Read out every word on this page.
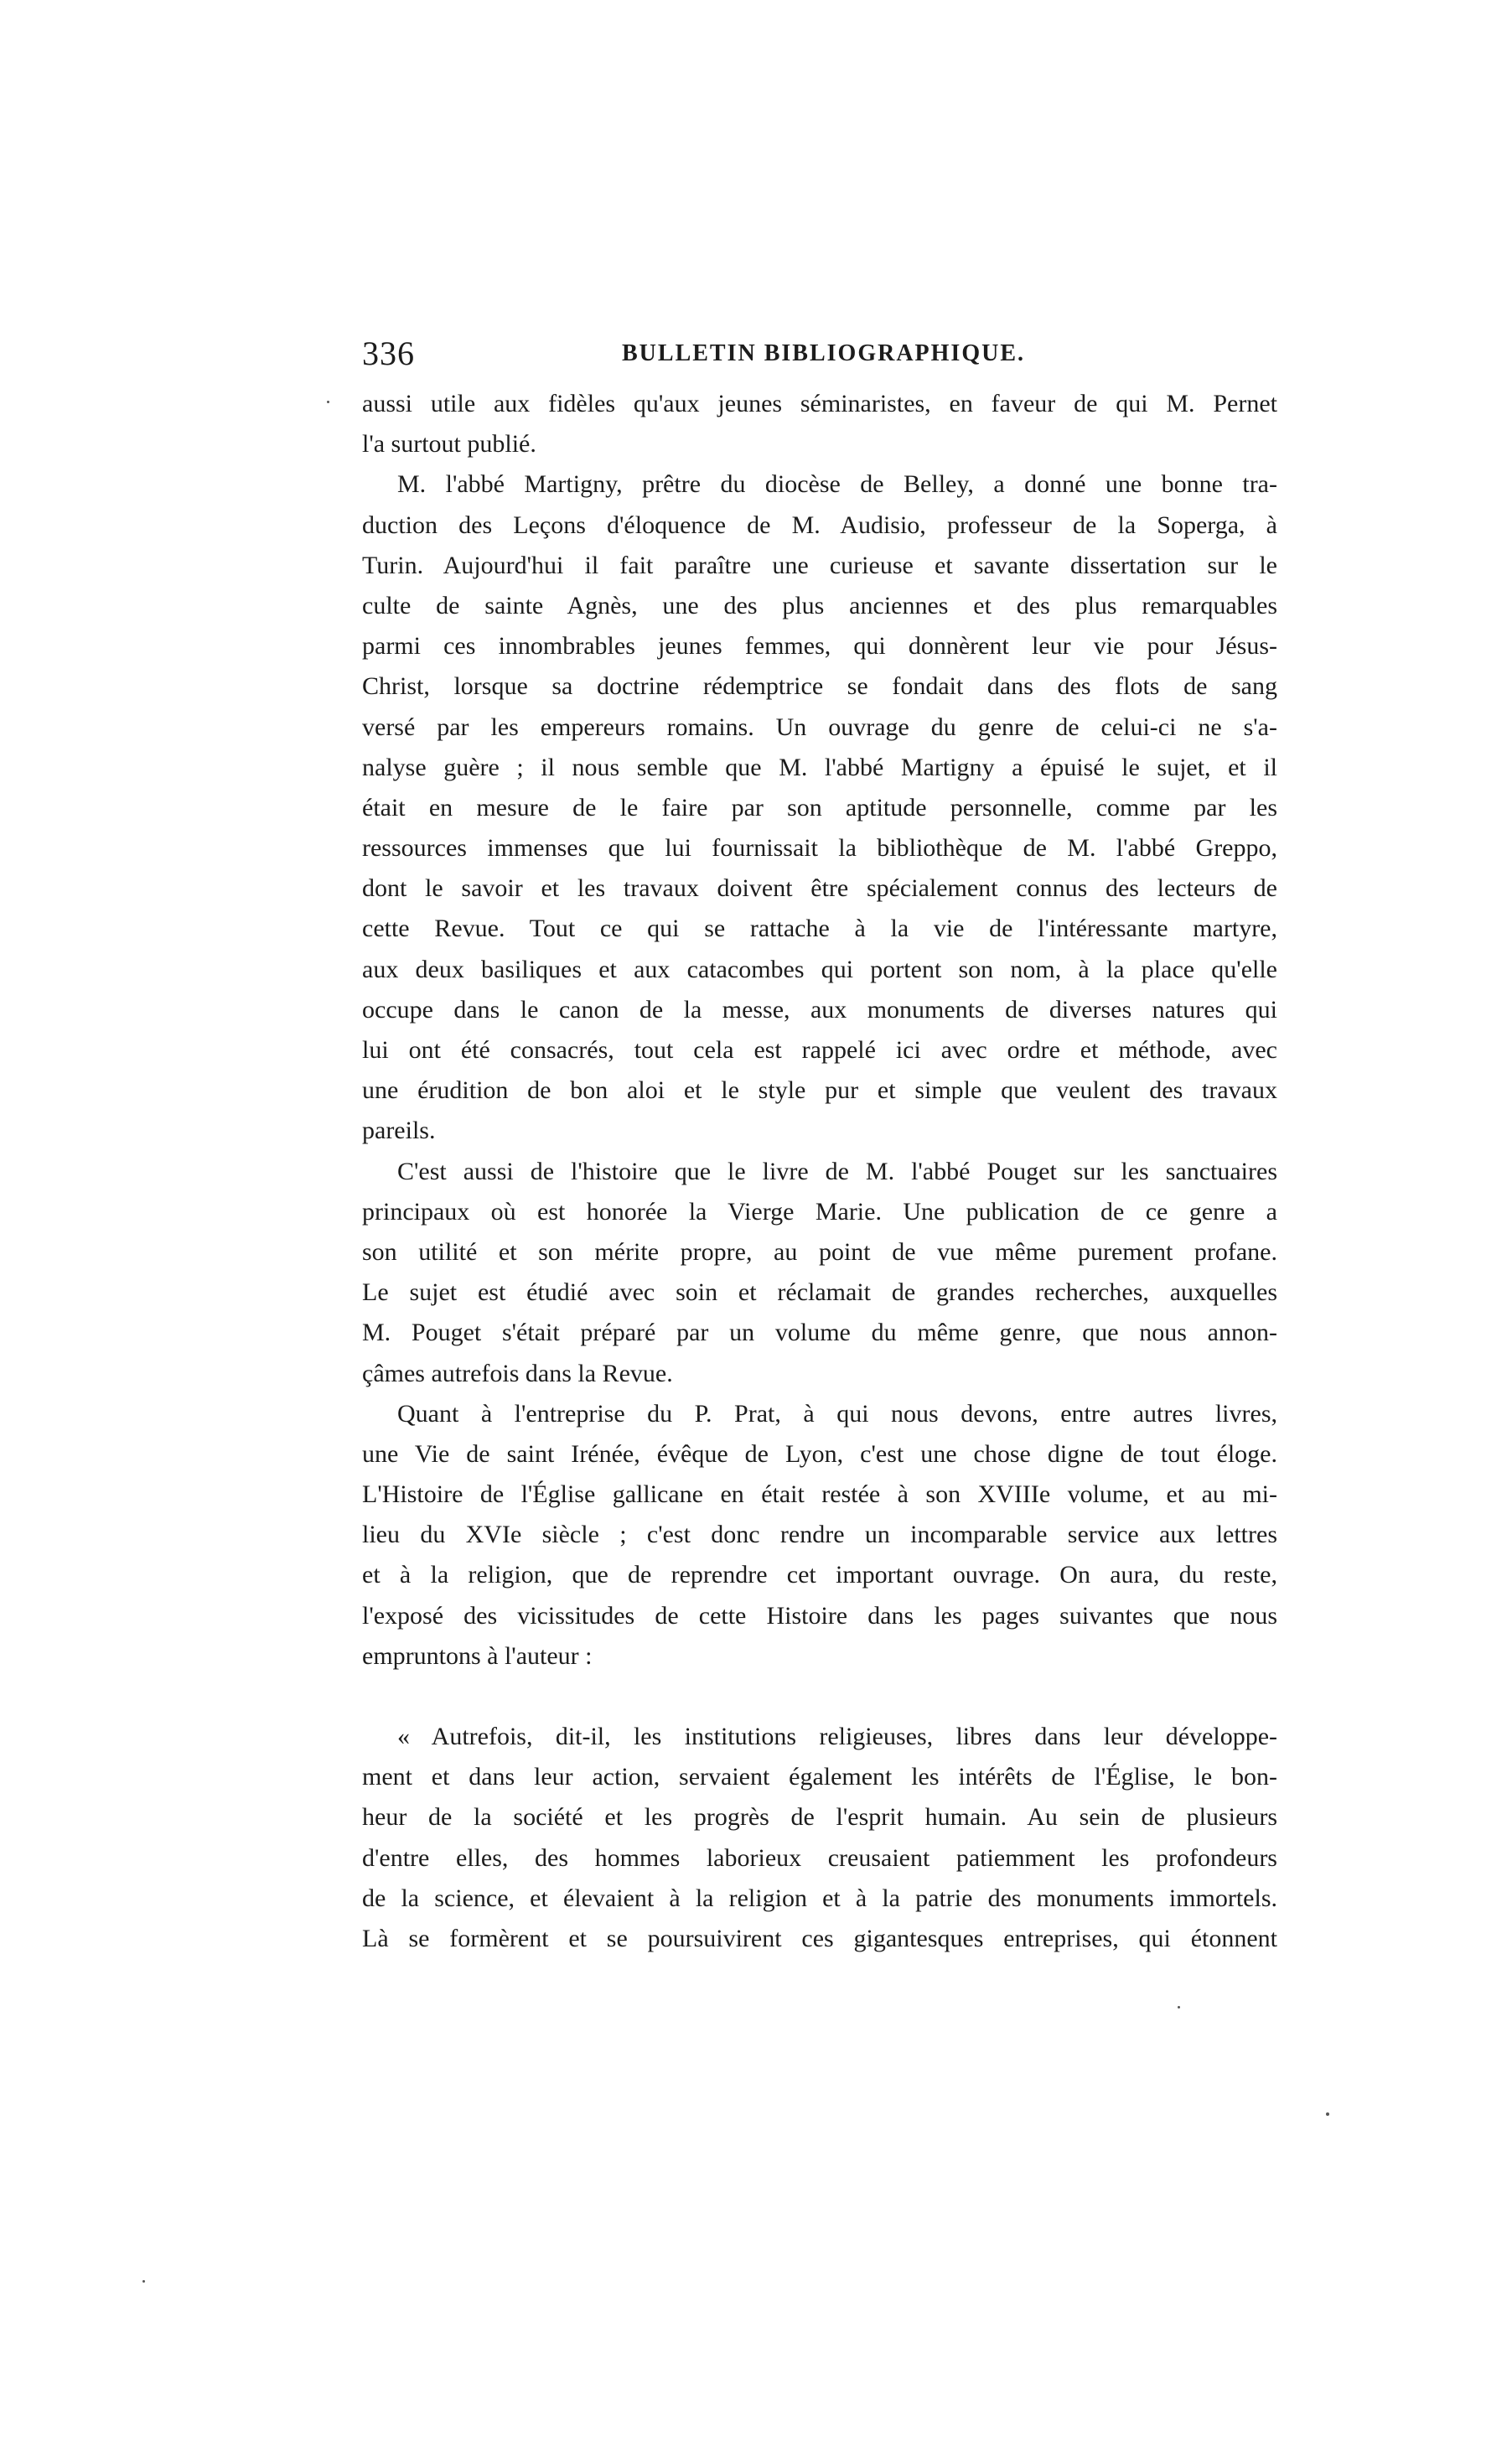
336	BULLETIN BIBLIOGRAPHIQUE.
aussi utile aux fidèles qu'aux jeunes séminaristes, en faveur de qui M. Pernet
l'a surtout publié.
M. l'abbé Martigny, prêtre du diocèse de Belley, a donné une bonne tra-
duction des Leçons d'éloquence de M. Audisio, professeur de la Soperga, à
Turin. Aujourd'hui il fait paraître une curieuse et savante dissertation sur le
culte de sainte Agnès, une des plus anciennes et des plus remarquables
parmi ces innombrables jeunes femmes, qui donnèrent leur vie pour Jésus-
Christ, lorsque sa doctrine rédemptrice se fondait dans des flots de sang
versé par les empereurs romains. Un ouvrage du genre de celui-ci ne s'a-
nalyse guère ; il nous semble que M. l'abbé Martigny a épuisé le sujet, et il
était en mesure de le faire par son aptitude personnelle, comme par les
ressources immenses que lui fournissait la bibliothèque de M. l'abbé Greppo,
dont le savoir et les travaux doivent être spécialement connus des lecteurs de
cette Revue. Tout ce qui se rattache à la vie de l'intéressante martyre,
aux deux basiliques et aux catacombes qui portent son nom, à la place qu'elle
occupe dans le canon de la messe, aux monuments de diverses natures qui
lui ont été consacrés, tout cela est rappelé ici avec ordre et méthode, avec
une érudition de bon aloi et le style pur et simple que veulent des travaux
pareils.
C'est aussi de l'histoire que le livre de M. l'abbé Pouget sur les sanctuaires
principaux où est honorée la Vierge Marie. Une publication de ce genre a
son utilité et son mérite propre, au point de vue même purement profane.
Le sujet est étudié avec soin et réclamait de grandes recherches, auxquelles
M. Pouget s'était préparé par un volume du même genre, que nous annon-
çâmes autrefois dans la Revue.
Quant à l'entreprise du P. Prat, à qui nous devons, entre autres livres,
une Vie de saint Irénée, évêque de Lyon, c'est une chose digne de tout éloge.
L'Histoire de l'Église gallicane en était restée à son XVIIIe volume, et au mi-
lieu du XVIe siècle ; c'est donc rendre un incomparable service aux lettres
et à la religion, que de reprendre cet important ouvrage. On aura, du reste,
l'exposé des vicissitudes de cette Histoire dans les pages suivantes que nous
empruntons à l'auteur :
« Autrefois, dit-il, les institutions religieuses, libres dans leur développe-
ment et dans leur action, servaient également les intérêts de l'Église, le bon-
heur de la société et les progrès de l'esprit humain. Au sein de plusieurs
d'entre elles, des hommes laborieux creusaient patiemment les profondeurs
de la science, et élevaient à la religion et à la patrie des monuments immortels.
Là se formèrent et se poursuivirent ces gigantesques entreprises, qui étonnent
